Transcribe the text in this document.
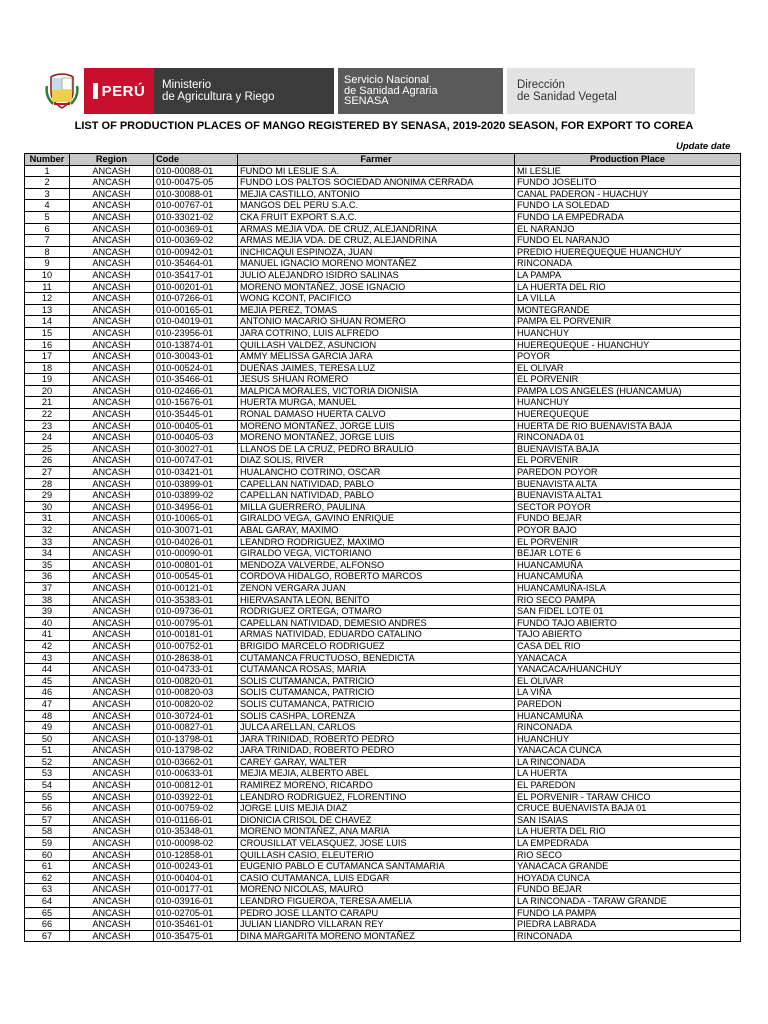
PERÚ Ministerio
de Agricultura y Riego
Servicio Nacional
de Sanidad Agraria
SENASA
Dirección
de Sanidad Vegetal
LIST OF PRODUCTION PLACES OF MANGO REGISTERED BY SENASA, 2019-2020 SEASON, FOR EXPORT TO COREA
Update date
Number	Region	Code	Farmer	Production Place
1	ANCASH	010-00088-01	FUNDO MI LESLIE S.A.	MI LESLIE
2	ANCASH	010-00475-05	FUNDO LOS PALTOS SOCIEDAD ANONIMA CERRADA	FUNDO JOSELITO
3	ANCASH	010-30088-01	MEJIA CASTILLO, ANTONIO	CANAL PADERON - HUACHUY
4	ANCASH	010-00767-01	MANGOS DEL PERU S.A.C.	FUNDO LA SOLEDAD
5	ANCASH	010-33021-02	CKA FRUIT EXPORT S.A.C.	FUNDO LA EMPEDRADA
6	ANCASH	010-00369-01	ARMAS MEJIA VDA. DE CRUZ, ALEJANDRINA	EL NARANJO
7	ANCASH	010-00369-02	ARMAS MEJIA VDA. DE CRUZ, ALEJANDRINA	FUNDO EL NARANJO
8	ANCASH	010-00942-01	INCHICAQUI ESPINOZA, JUAN	PREDIO HUEREQUEQUE HUANCHUY
9	ANCASH	010-35464-01	MANUEL IGNACIO MORENO MONTAÑEZ	RINCONADA
10	ANCASH	010-35417-01	JULIO ALEJANDRO ISIDRO SALINAS	LA PAMPA
11	ANCASH	010-00201-01	MORENO MONTAÑEZ, JOSE IGNACIO	LA HUERTA DEL RIO
12	ANCASH	010-07266-01	WONG KCONT, PACIFICO	LA VILLA
13	ANCASH	010-00165-01	MEJIA PEREZ, TOMAS	MONTEGRANDE
14	ANCASH	010-04019-01	ANTONIO MACARIO SHUAN ROMERO	PAMPA EL PORVENIR
15	ANCASH	010-23956-01	JARA COTRINO, LUIS ALFREDO	HUANCHUY
16	ANCASH	010-13874-01	QUILLASH VALDEZ, ASUNCION	HUEREQUEQUE - HUANCHUY
17	ANCASH	010-30043-01	AMMY MELISSA GARCIA JARA	POYOR
18	ANCASH	010-00524-01	DUEÑAS JAIMES, TERESA LUZ	EL OLIVAR
19	ANCASH	010-35466-01	JESUS SHUAN ROMERO	EL PORVENIR
20	ANCASH	010-02466-01	MALPICA MORALES, VICTORIA DIONISIA	PAMPA LOS ANGELES (HUANCAMUA)
21	ANCASH	010-15676-01	HUERTA MURGA, MANUEL	HUANCHUY
22	ANCASH	010-35445-01	RONAL DAMASO HUERTA CALVO	HUEREQUEQUE
23	ANCASH	010-00405-01	MORENO MONTAÑEZ, JORGE LUIS	HUERTA DE RIO BUENAVISTA BAJA
24	ANCASH	010-00405-03	MORENO MONTAÑEZ, JORGE LUIS	RINCONADA 01
25	ANCASH	010-30027-01	LLANOS DE LA CRUZ, PEDRO BRAULIO	BUENAVISTA BAJA
26	ANCASH	010-00747-01	DIAZ SOLIS, RIVER	EL PORVENIR
27	ANCASH	010-03421-01	HUALANCHO COTRINO, OSCAR	PAREDON POYOR
28	ANCASH	010-03899-01	CAPELLAN NATIVIDAD, PABLO	BUENAVISTA ALTA
29	ANCASH	010-03899-02	CAPELLAN NATIVIDAD, PABLO	BUENAVISTA ALTA1
30	ANCASH	010-34956-01	MILLA GUERRERO, PAULINA	SECTOR POYOR
31	ANCASH	010-10065-01	GIRALDO VEGA, GAVINO ENRIQUE	FUNDO BEJAR
32	ANCASH	010-30071-01	ABAL GARAY, MAXIMO	POYOR BAJO
33	ANCASH	010-04026-01	LEANDRO RODRIGUEZ, MAXIMO	EL PORVENIR
34	ANCASH	010-00090-01	GIRALDO VEGA, VICTORIANO	BEJAR LOTE 6
35	ANCASH	010-00801-01	MENDOZA VALVERDE, ALFONSO	HUANCAMUÑA
36	ANCASH	010-00545-01	CORDOVA HIDALGO, ROBERTO MARCOS	HUANCAMUÑA
37	ANCASH	010-00121-01	ZENON VERGARA JUAN	HUANCAMUÑA-ISLA
38	ANCASH	010-35383-01	HIERVASANTA LEON, BENITO	RIO SECO PAMPA
39	ANCASH	010-09736-01	RODRIGUEZ ORTEGA, OTMARO	SAN FIDEL LOTE 01
40	ANCASH	010-00795-01	CAPELLAN NATIVIDAD, DEMESIO ANDRES	FUNDO TAJO ABIERTO
41	ANCASH	010-00181-01	ARMAS NATIVIDAD, EDUARDO CATALINO	TAJO ABIERTO
42	ANCASH	010-00752-01	BRIGIDO MARCELO RODRIGUEZ	CASA DEL RIO
43	ANCASH	010-28638-01	CUTAMANCA FRUCTUOSO, BENEDICTA	YANACACA
44	ANCASH	010-04733-01	CUTAMANCA ROSAS, MARIA	YANACACA/HUANCHUY
45	ANCASH	010-00820-01	SOLIS CUTAMANCA, PATRICIO	EL OLIVAR
46	ANCASH	010-00820-03	SOLIS CUTAMANCA, PATRICIO	LA VIÑA
47	ANCASH	010-00820-02	SOLIS CUTAMANCA, PATRICIO	PAREDON
48	ANCASH	010-30724-01	SOLIS CASHPA, LORENZA	HUANCAMUÑA
49	ANCASH	010-00827-01	JULCA ARELLAN, CARLOS	RINCONADA
50	ANCASH	010-13798-01	JARA TRINIDAD, ROBERTO PEDRO	HUANCHUY
51	ANCASH	010-13798-02	JARA TRINIDAD, ROBERTO PEDRO	YANACACA CUNCA
52	ANCASH	010-03662-01	CAREY GARAY, WALTER	LA RINCONADA
53	ANCASH	010-00633-01	MEJIA MEJIA, ALBERTO ABEL	LA HUERTA
54	ANCASH	010-00812-01	RAMIREZ MORENO, RICARDO	EL PAREDON
55	ANCASH	010-03922-01	LEANDRO RODRIGUEZ, FLORENTINO	EL PORVENIR - TARAW CHICO
56	ANCASH	010-00759-02	JORGE LUIS MEJIA DIAZ	CRUCE BUENAVISTA BAJA 01
57	ANCASH	010-01166-01	DIONICIA CRISOL DE CHAVEZ	SAN ISAIAS
58	ANCASH	010-35348-01	MORENO MONTAÑEZ, ANA MARIA	LA HUERTA DEL RIO
59	ANCASH	010-00098-02	CROUSILLAT VELASQUEZ, JOSE LUIS	LA EMPEDRADA
60	ANCASH	010-12858-01	QUILLASH CASIO, ELEUTERIO	RIO SECO
61	ANCASH	010-00243-01	EUGENIO PABLO E CUTAMANCA SANTAMARIA	YANACACA GRANDE
62	ANCASH	010-00404-01	CASIO CUTAMANCA, LUIS EDGAR	HOYADA CUNCA
63	ANCASH	010-00177-01	MORENO NICOLAS, MAURO	FUNDO BEJAR
64	ANCASH	010-03916-01	LEANDRO FIGUEROA, TERESA AMELIA	LA RINCONADA - TARAW GRANDE
65	ANCASH	010-02705-01	PEDRO JOSE LLANTO CARAPU	FUNDO LA PAMPA
66	ANCASH	010-35461-01	JULIAN LIANDRO VILLARAN REY	PIEDRA LABRADA
67	ANCASH	010-35475-01	DINA MARGARITA MORENO MONTAÑEZ	RINCONADA
